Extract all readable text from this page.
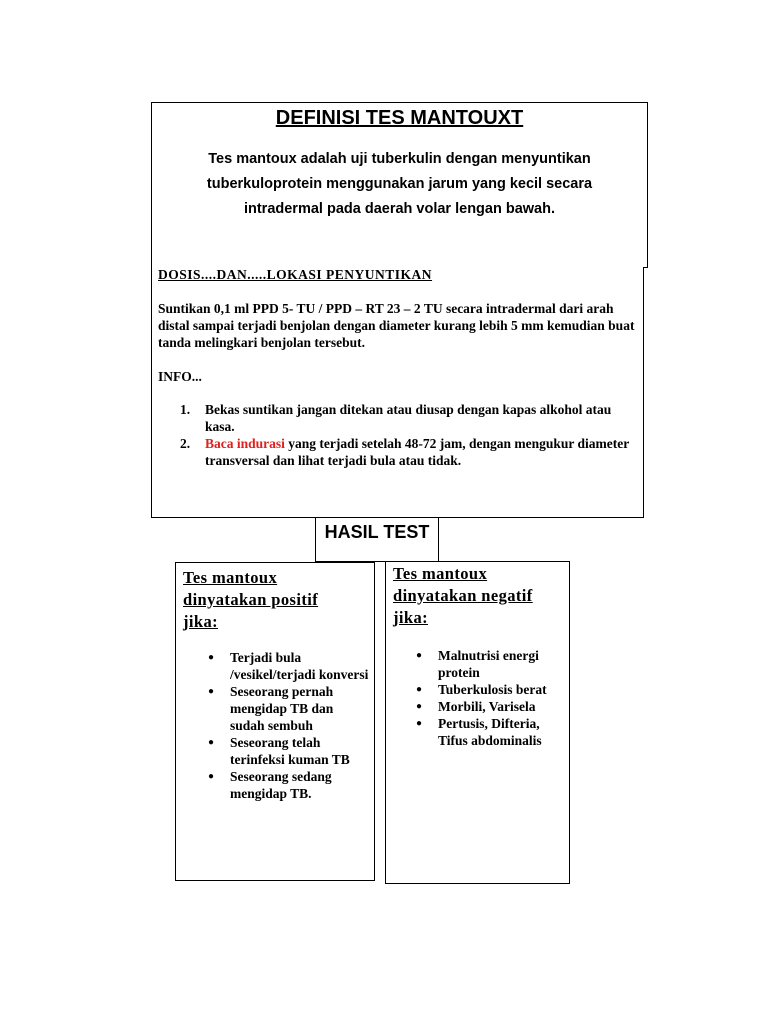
DEFINISI TES MANTOUXT

Tes mantoux adalah uji tuberkulin dengan menyuntikan tuberkuloprotein menggunakan jarum yang kecil secara intradermal pada daerah volar lengan bawah.

DOSIS....DAN.....LOKASI PENYUNTIKAN

Suntikan 0,1 ml PPD 5- TU / PPD – RT 23 – 2 TU secara intradermal dari arah distal sampai terjadi benjolan dengan diameter kurang lebih 5 mm kemudian buat tanda melingkari benjolan tersebut.

INFO...

1. Bekas suntikan jangan ditekan atau diusap dengan kapas alkohol atau kasa.
2. Baca indurasi yang terjadi setelah 48-72 jam, dengan mengukur diameter transversal dan lihat terjadi bula atau tidak.

HASIL TEST

Tes mantoux
dinyatakan positif
jika:

● Terjadi bula /vesikel/terjadi konversi
● Seseorang pernah mengidap TB dan sudah sembuh
● Seseorang telah terinfeksi kuman TB
● Seseorang sedang mengidap TB.

Tes mantoux
dinyatakan negatif
jika:

● Malnutrisi energi protein
● Tuberkulosis berat
● Morbili, Varisela
● Pertusis, Difteria, Tifus abdominalis
